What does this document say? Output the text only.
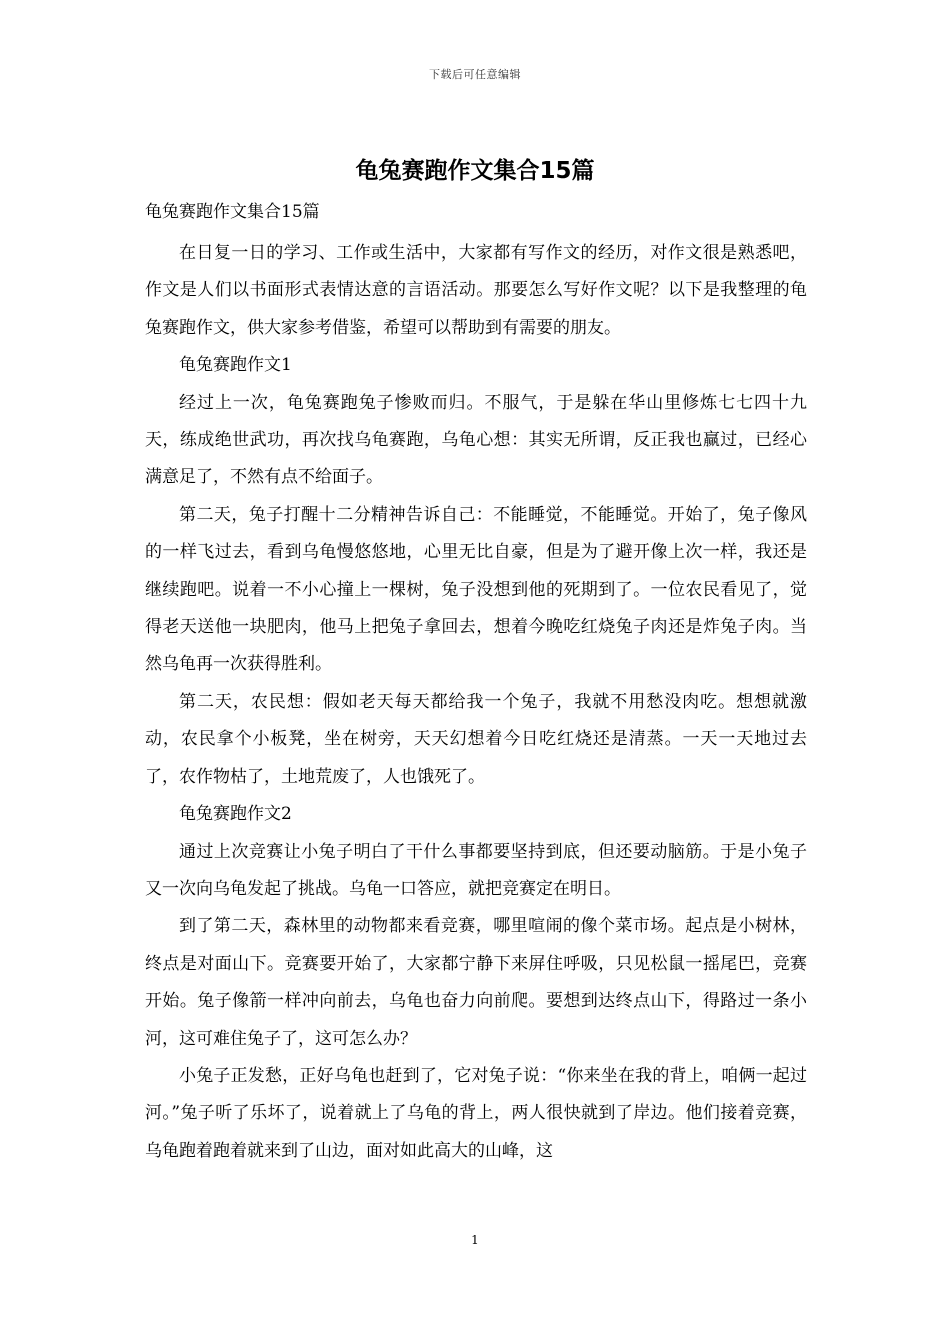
下载后可任意编辑
龟兔赛跑作文集合15篇

龟兔赛跑作文集合15篇

在日复一日的学习、工作或生活中，大家都有写作文的经历，对作文很是熟悉吧，作文是人们以书面形式表情达意的言语活动。那要怎么写好作文呢？以下是我整理的龟兔赛跑作文，供大家参考借鉴，希望可以帮助到有需要的朋友。

龟兔赛跑作文1

经过上一次，龟兔赛跑兔子惨败而归。不服气，于是躲在华山里修炼七七四十九天，练成绝世武功，再次找乌龟赛跑，乌龟心想：其实无所谓，反正我也赢过，已经心满意足了，不然有点不给面子。

第二天，兔子打醒十二分精神告诉自己：不能睡觉，不能睡觉。开始了，兔子像风的一样飞过去，看到乌龟慢悠悠地，心里无比自豪，但是为了避开像上次一样，我还是继续跑吧。说着一不小心撞上一棵树，兔子没想到他的死期到了。一位农民看见了，觉得老天送他一块肥肉，他马上把兔子拿回去，想着今晚吃红烧兔子肉还是炸兔子肉。当然乌龟再一次获得胜利。

第二天，农民想：假如老天每天都给我一个兔子，我就不用愁没肉吃。想想就激动，农民拿个小板凳，坐在树旁，天天幻想着今日吃红烧还是清蒸。一天一天地过去了，农作物枯了，土地荒废了，人也饿死了。

龟兔赛跑作文2

通过上次竞赛让小兔子明白了干什么事都要坚持到底，但还要动脑筋。于是小兔子又一次向乌龟发起了挑战。乌龟一口答应，就把竞赛定在明日。

到了第二天，森林里的动物都来看竞赛，哪里喧闹的像个菜市场。起点是小树林，终点是对面山下。竞赛要开始了，大家都宁静下来屏住呼吸，只见松鼠一摇尾巴，竞赛开始。兔子像箭一样冲向前去，乌龟也奋力向前爬。要想到达终点山下，得路过一条小河，这可难住兔子了，这可怎么办？

小兔子正发愁，正好乌龟也赶到了，它对兔子说：“你来坐在我的背上，咱俩一起过河。”兔子听了乐坏了，说着就上了乌龟的背上，两人很快就到了岸边。他们接着竞赛，乌龟跑着跑着就来到了山边，面对如此高大的山峰，这

1
